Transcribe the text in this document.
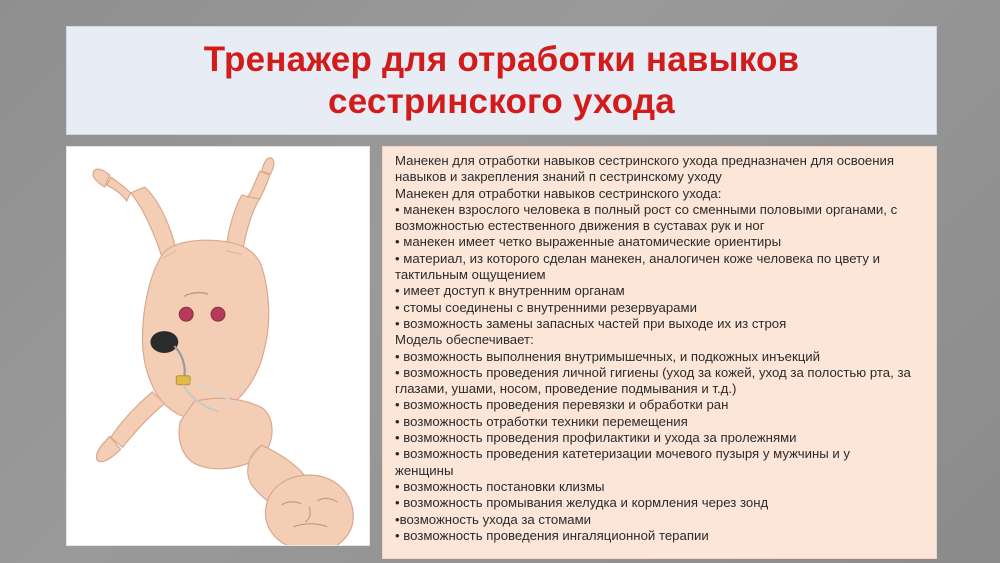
Тренажер для отработки навыков
сестринского ухода
Манекен для отработки навыков сестринского ухода предназначен для освоения
навыков и закрепления знаний п сестринскому уходу
Манекен для отработки навыков сестринского ухода:
• манекен взрослого человека в полный рост со сменными половыми органами, с
возможностью естественного движения в суставах рук и ног
• манекен имеет четко выраженные анатомические ориентиры
• материал, из которого сделан манекен, аналогичен коже человека по цвету и
тактильным ощущением
• имеет доступ к внутренним органам
• стомы соединены с внутренними резервуарами
• возможность замены запасных частей при выходе их из строя
Модель обеспечивает:
• возможность выполнения внутримышечных, и подкожных инъекций
• возможность проведения личной гигиены (уход за кожей, уход за полостью рта, за
глазами, ушами, носом, проведение подмывания и т.д.)
• возможность проведения перевязки и обработки ран
• возможность отработки техники перемещения
• возможность проведения профилактики и ухода за пролежнями
• возможность проведения катетеризации мочевого пузыря у мужчины и у
женщины
• возможность постановки клизмы
• возможность промывания желудка и кормления через зонд
•возможность ухода за стомами
• возможность проведения ингаляционной терапии
